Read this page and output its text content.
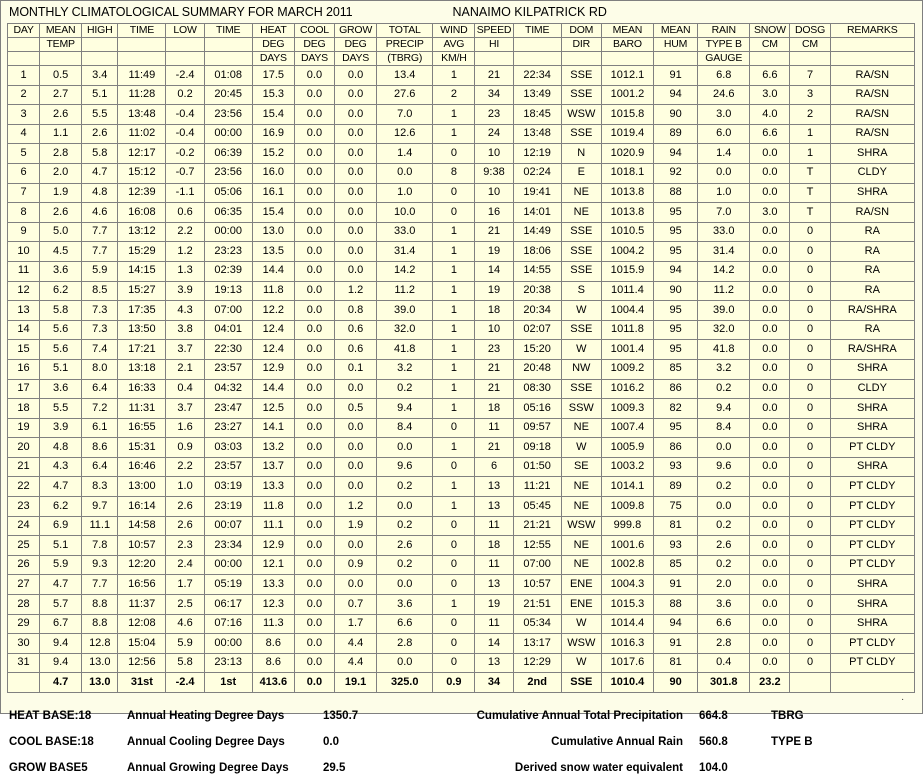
MONTHLY CLIMATOLOGICAL SUMMARY FOR MARCH 2011	NANAIMO KILPATRICK RD
DAY	MEAN	HIGH	TIME	LOW	TIME	HEAT	COOL	GROW	TOTAL	WIND	SPEED	TIME	DOM	MEAN	MEAN	RAIN	SNOW	DOSG	REMARKS

	TEMP					DEG	DEG	DEG	PRECIP	AVG	HI		DIR	BARO	HUM	TYPE B	CM	CM	

						DAYS	DAYS	DAYS	(TBRG)	KM/H						GAUGE			

1	0.5	3.4	11:49	-2.4	01:08	17.5	0.0	0.0	13.4	1	21	22:34	SSE	1012.1	91	6.8	6.6	7	RA/SN
2	2.7	5.1	11:28	0.2	20:45	15.3	0.0	0.0	27.6	2	34	13:49	SSE	1001.2	94	24.6	3.0	3	RA/SN
3	2.6	5.5	13:48	-0.4	23:56	15.4	0.0	0.0	7.0	1	23	18:45	WSW	1015.8	90	3.0	4.0	2	RA/SN
4	1.1	2.6	11:02	-0.4	00:00	16.9	0.0	0.0	12.6	1	24	13:48	SSE	1019.4	89	6.0	6.6	1	RA/SN
5	2.8	5.8	12:17	-0.2	06:39	15.2	0.0	0.0	1.4	0	10	12:19	N	1020.9	94	1.4	0.0	1	SHRA
6	2.0	4.7	15:12	-0.7	23:56	16.0	0.0	0.0	0.0	8	9:38	02:24	E	1018.1	92	0.0	0.0	T	CLDY
7	1.9	4.8	12:39	-1.1	05:06	16.1	0.0	0.0	1.0	0	10	19:41	NE	1013.8	88	1.0	0.0	T	SHRA
8	2.6	4.6	16:08	0.6	06:35	15.4	0.0	0.0	10.0	0	16	14:01	NE	1013.8	95	7.0	3.0	T	RA/SN
9	5.0	7.7	13:12	2.2	00:00	13.0	0.0	0.0	33.0	1	21	14:49	SSE	1010.5	95	33.0	0.0	0	RA
10	4.5	7.7	15:29	1.2	23:23	13.5	0.0	0.0	31.4	1	19	18:06	SSE	1004.2	95	31.4	0.0	0	RA
11	3.6	5.9	14:15	1.3	02:39	14.4	0.0	0.0	14.2	1	14	14:55	SSE	1015.9	94	14.2	0.0	0	RA
12	6.2	8.5	15:27	3.9	19:13	11.8	0.0	1.2	11.2	1	19	20:38	S	1011.4	90	11.2	0.0	0	RA
13	5.8	7.3	17:35	4.3	07:00	12.2	0.0	0.8	39.0	1	18	20:34	W	1004.4	95	39.0	0.0	0	RA/SHRA
14	5.6	7.3	13:50	3.8	04:01	12.4	0.0	0.6	32.0	1	10	02:07	SSE	1011.8	95	32.0	0.0	0	RA
15	5.6	7.4	17:21	3.7	22:30	12.4	0.0	0.6	41.8	1	23	15:20	W	1001.4	95	41.8	0.0	0	RA/SHRA
16	5.1	8.0	13:18	2.1	23:57	12.9	0.0	0.1	3.2	1	21	20:48	NW	1009.2	85	3.2	0.0	0	SHRA
17	3.6	6.4	16:33	0.4	04:32	14.4	0.0	0.0	0.2	1	21	08:30	SSE	1016.2	86	0.2	0.0	0	CLDY
18	5.5	7.2	11:31	3.7	23:47	12.5	0.0	0.5	9.4	1	18	05:16	SSW	1009.3	82	9.4	0.0	0	SHRA
19	3.9	6.1	16:55	1.6	23:27	14.1	0.0	0.0	8.4	0	11	09:57	NE	1007.4	95	8.4	0.0	0	SHRA
20	4.8	8.6	15:31	0.9	03:03	13.2	0.0	0.0	0.0	1	21	09:18	W	1005.9	86	0.0	0.0	0	PT CLDY
21	4.3	6.4	16:46	2.2	23:57	13.7	0.0	0.0	9.6	0	6	01:50	SE	1003.2	93	9.6	0.0	0	SHRA
22	4.7	8.3	13:00	1.0	03:19	13.3	0.0	0.0	0.2	1	13	11:21	NE	1014.1	89	0.2	0.0	0	PT CLDY
23	6.2	9.7	16:14	2.6	23:19	11.8	0.0	1.2	0.0	1	13	05:45	NE	1009.8	75	0.0	0.0	0	PT CLDY
24	6.9	11.1	14:58	2.6	00:07	11.1	0.0	1.9	0.2	0	11	21:21	WSW	999.8	81	0.2	0.0	0	PT CLDY
25	5.1	7.8	10:57	2.3	23:34	12.9	0.0	0.0	2.6	0	18	12:55	NE	1001.6	93	2.6	0.0	0	PT CLDY
26	5.9	9.3	12:20	2.4	00:00	12.1	0.0	0.9	0.2	0	11	07:00	NE	1002.8	85	0.2	0.0	0	PT CLDY
27	4.7	7.7	16:56	1.7	05:19	13.3	0.0	0.0	0.0	0	13	10:57	ENE	1004.3	91	2.0	0.0	0	SHRA
28	5.7	8.8	11:37	2.5	06:17	12.3	0.0	0.7	3.6	1	19	21:51	ENE	1015.3	88	3.6	0.0	0	SHRA
29	6.7	8.8	12:08	4.6	07:16	11.3	0.0	1.7	6.6	0	11	05:34	W	1014.4	94	6.6	0.0	0	SHRA
30	9.4	12.8	15:04	5.9	00:00	8.6	0.0	4.4	2.8	0	14	13:17	WSW	1016.3	91	2.8	0.0	0	PT CLDY
31	9.4	13.0	12:56	5.8	23:13	8.6	0.0	4.4	0.0	0	13	12:29	W	1017.6	81	0.4	0.0	0	PT CLDY
	4.7	13.0	31st	-2.4	1st	413.6	0.0	19.1	325.0	0.9	34	2nd	SSE	1010.4	90	301.8	23.2		
HEAT BASE:18	Annual Heating Degree Days	1350.7	Cumulative Annual Total Precipitation	664.8	TBRG
COOL BASE:18	Annual Cooling Degree Days	0.0	Cumulative Annual Rain	560.8	TYPE B
GROW BASE5	Annual Growing Degree Days	29.5	Derived snow water equivalent	104.0
.
